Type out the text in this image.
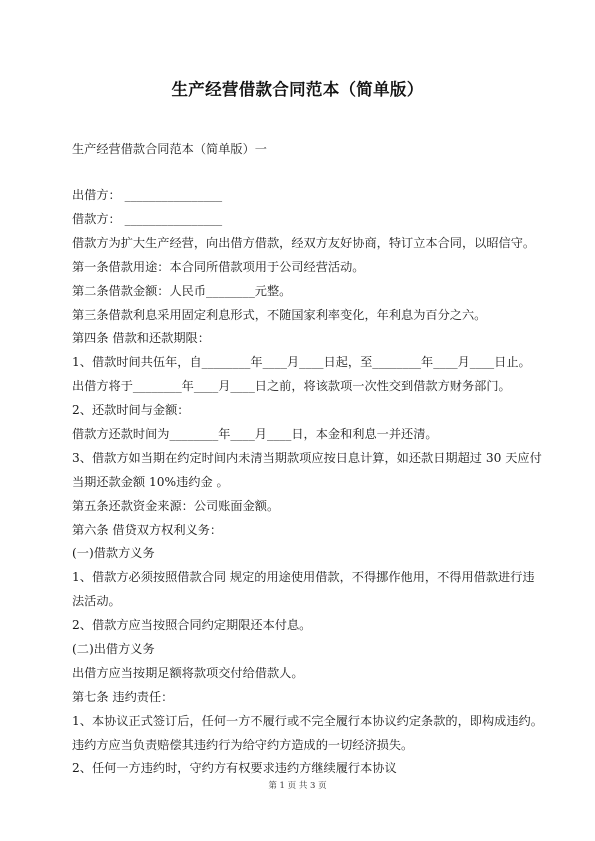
生产经营借款合同范本（简单版）
生产经营借款合同范本（简单版）一
出借方： ________________
借款方： ________________
借款方为扩大生产经营，向出借方借款，经双方友好协商，特订立本合同，以昭信守。
第一条借款用途：本合同所借款项用于公司经营活动。
第二条借款金额：人民币________元整。
第三条借款利息采用固定利息形式，不随国家利率变化，年利息为百分之六。
第四条 借款和还款期限：
1、借款时间共伍年，自________年____月____日起，至________年____月____日止。
出借方将于________年____月____日之前，将该款项一次性交到借款方财务部门。
2、还款时间与金额：
借款方还款时间为________年____月____日，本金和利息一并还清。
3、借款方如当期在约定时间内未清当期款项应按日息计算，如还款日期超过 30 天应付
当期还款金额 10%违约金 。
第五条还款资金来源：公司账面金额。
第六条 借贷双方权利义务：
(一)借款方义务
1、借款方必须按照借款合同 规定的用途使用借款，不得挪作他用，不得用借款进行违
法活动。
2、借款方应当按照合同约定期限还本付息。
(二)出借方义务
出借方应当按期足额将款项交付给借款人。
第七条 违约责任：
1、本协议正式签订后，任何一方不履行或不完全履行本协议约定条款的，即构成违约。
违约方应当负责赔偿其违约行为给守约方造成的一切经济损失。
2、任何一方违约时，守约方有权要求违约方继续履行本协议
第 1 页 共 3 页
